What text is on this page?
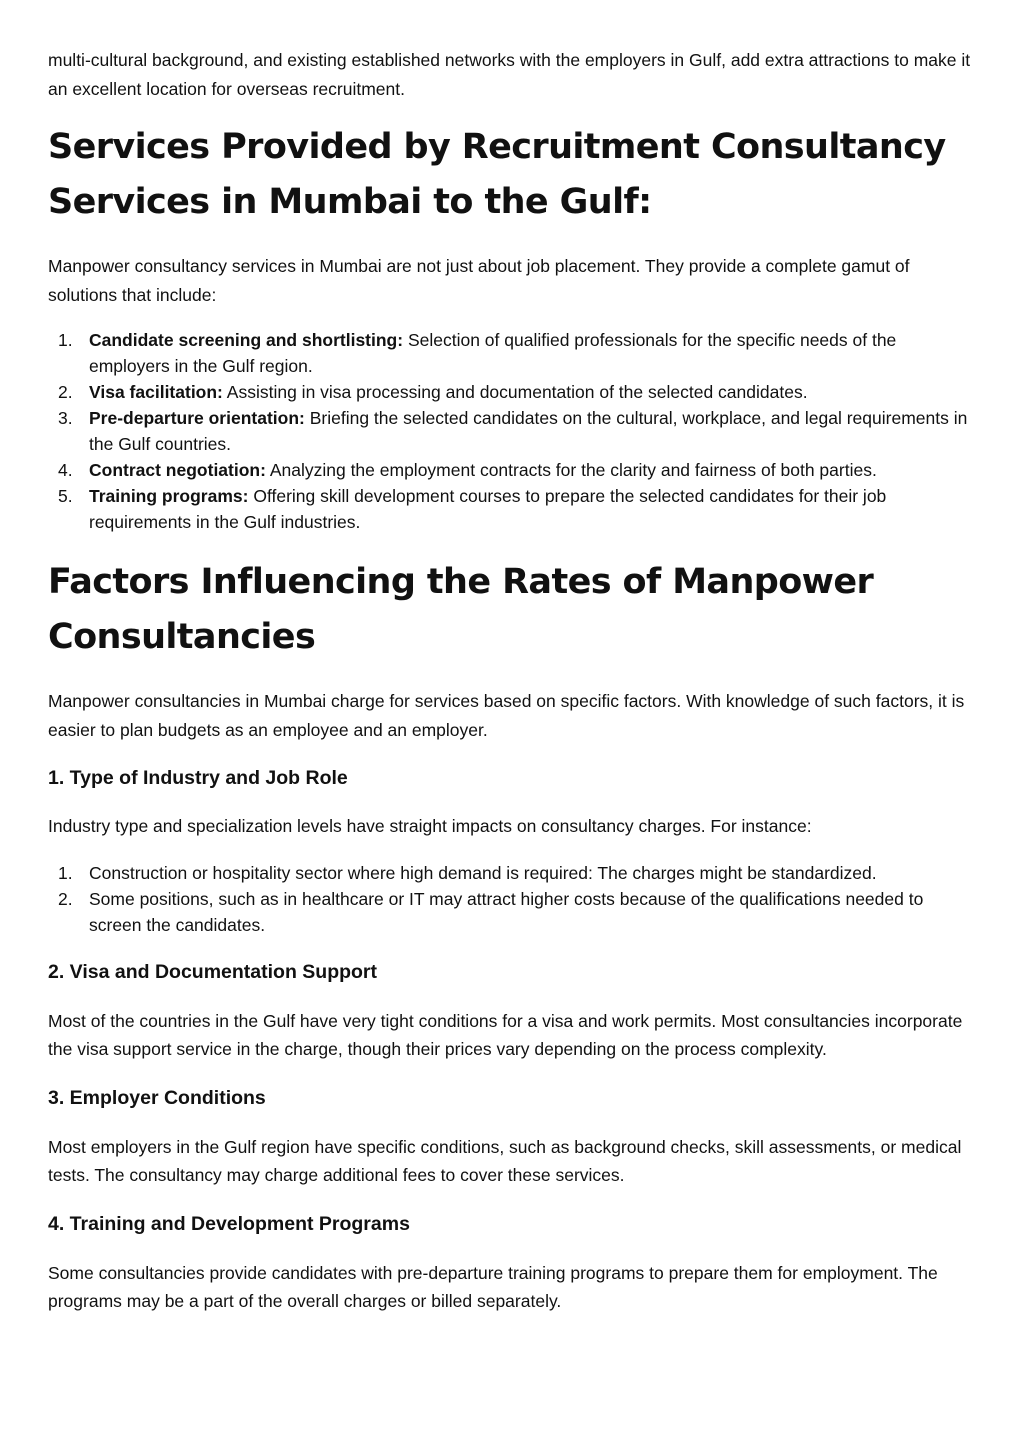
multi-cultural background, and existing established networks with the employers in Gulf, add extra attractions to make it an excellent location for overseas recruitment.

Services Provided by Recruitment Consultancy Services in Mumbai to the Gulf:

Manpower consultancy services in Mumbai are not just about job placement. They provide a complete gamut of solutions that include:

1. Candidate screening and shortlisting: Selection of qualified professionals for the specific needs of the employers in the Gulf region.
2. Visa facilitation: Assisting in visa processing and documentation of the selected candidates.
3. Pre-departure orientation: Briefing the selected candidates on the cultural, workplace, and legal requirements in the Gulf countries.
4. Contract negotiation: Analyzing the employment contracts for the clarity and fairness of both parties.
5. Training programs: Offering skill development courses to prepare the selected candidates for their job requirements in the Gulf industries.
Factors Influencing the Rates of Manpower Consultancies

Manpower consultancies in Mumbai charge for services based on specific factors. With knowledge of such factors, it is easier to plan budgets as an employee and an employer.

1. Type of Industry and Job Role

Industry type and specialization levels have straight impacts on consultancy charges. For instance:

1. Construction or hospitality sector where high demand is required: The charges might be standardized.
2. Some positions, such as in healthcare or IT may attract higher costs because of the qualifications needed to screen the candidates.
2. Visa and Documentation Support

Most of the countries in the Gulf have very tight conditions for a visa and work permits. Most consultancies incorporate the visa support service in the charge, though their prices vary depending on the process complexity.

3. Employer Conditions

Most employers in the Gulf region have specific conditions, such as background checks, skill assessments, or medical tests. The consultancy may charge additional fees to cover these services.

4. Training and Development Programs

Some consultancies provide candidates with pre-departure training programs to prepare them for employment. The programs may be a part of the overall charges or billed separately.
